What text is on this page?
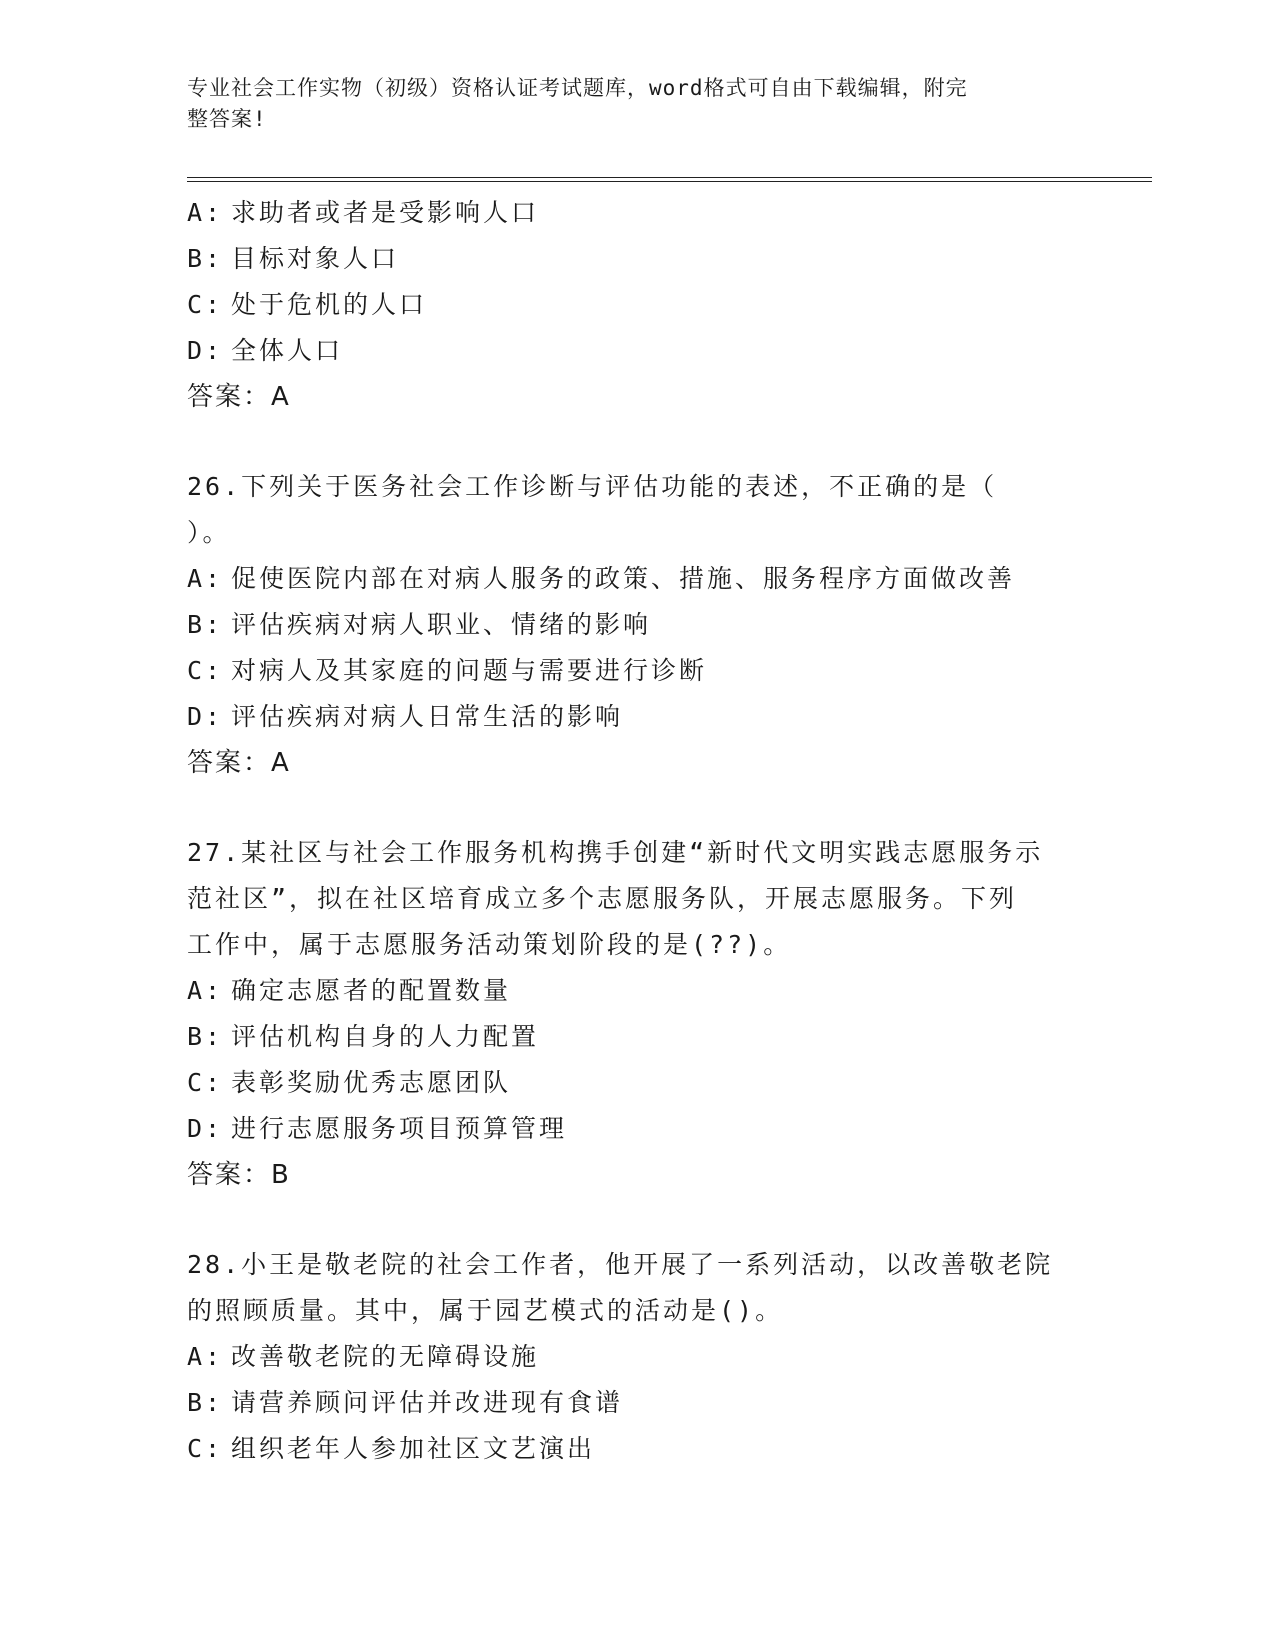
专业社会工作实物（初级）资格认证考试题库，word格式可自由下载编辑，附完
整答案!
A: 求助者或者是受影响人口
B: 目标对象人口
C: 处于危机的人口
D: 全体人口
答案：A
26.下列关于医务社会工作诊断与评估功能的表述，不正确的是（
）。
A: 促使医院内部在对病人服务的政策、措施、服务程序方面做改善
B: 评估疾病对病人职业、情绪的影响
C: 对病人及其家庭的问题与需要进行诊断
D: 评估疾病对病人日常生活的影响
答案：A
27.某社区与社会工作服务机构携手创建“新时代文明实践志愿服务示
范社区”，拟在社区培育成立多个志愿服务队，开展志愿服务。下列
工作中，属于志愿服务活动策划阶段的是(??)。
A: 确定志愿者的配置数量
B: 评估机构自身的人力配置
C: 表彰奖励优秀志愿团队
D: 进行志愿服务项目预算管理
答案：B
28.小王是敬老院的社会工作者，他开展了一系列活动，以改善敬老院
的照顾质量。其中，属于园艺模式的活动是()。
A: 改善敬老院的无障碍设施
B: 请营养顾问评估并改进现有食谱
C: 组织老年人参加社区文艺演出
